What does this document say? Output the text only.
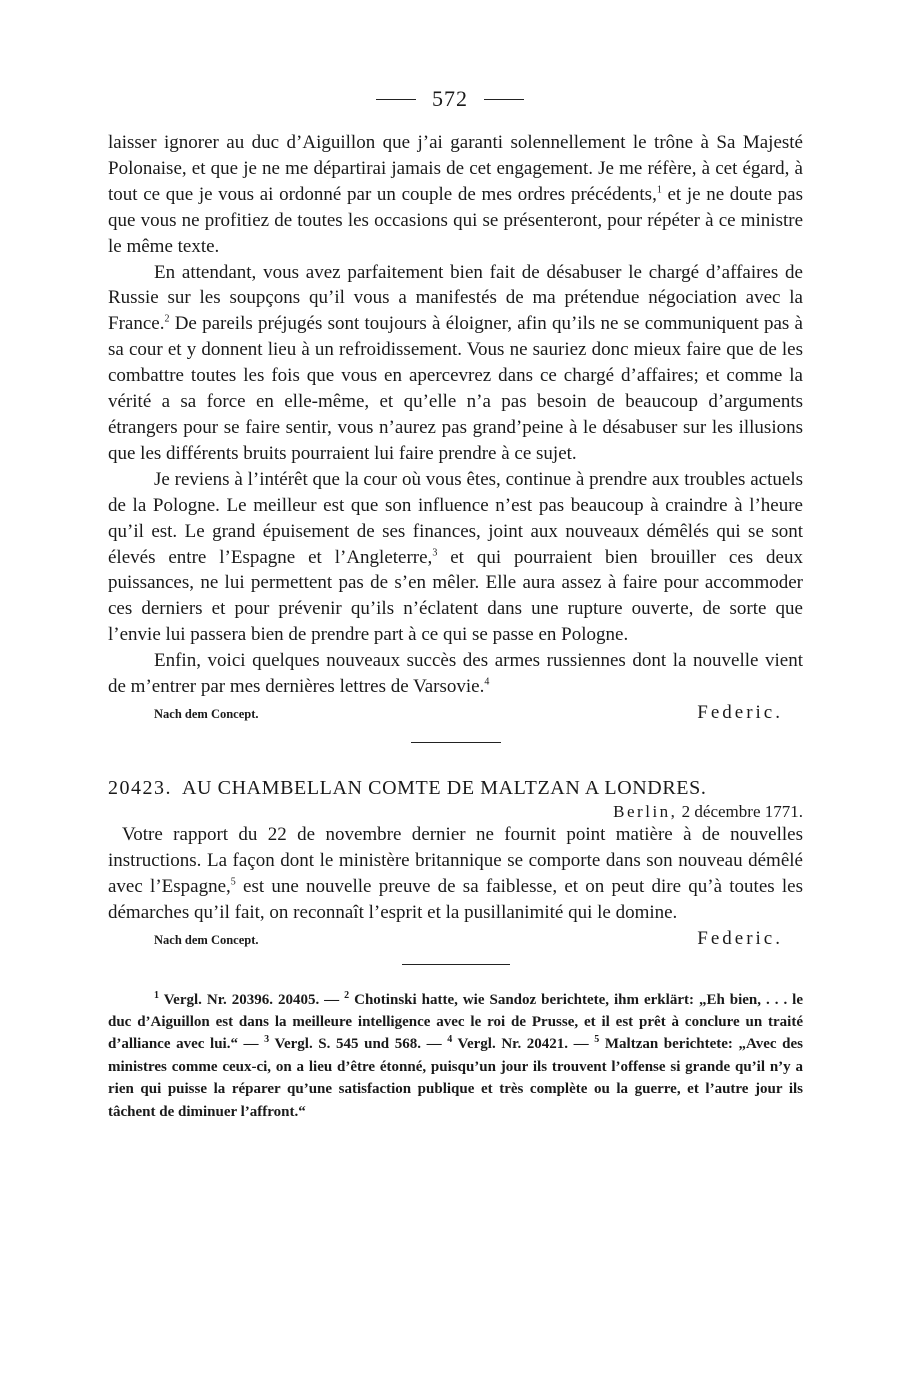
572

laisser ignorer au duc d’Aiguillon que j’ai garanti solennellement le trône à Sa Majesté Polonaise, et que je ne me départirai jamais de cet engagement. Je me réfère, à cet égard, à tout ce que je vous ai ordonné par un couple de mes ordres précédents,$^1$ et je ne doute pas que vous ne profitiez de toutes les occasions qui se présenteront, pour répéter à ce ministre le même texte.

En attendant, vous avez parfaitement bien fait de désabuser le chargé d’affaires de Russie sur les soupçons qu’il vous a manifestés de ma prétendue négociation avec la France.$^2$ De pareils préjugés sont toujours à éloigner, afin qu’ils ne se communiquent pas à sa cour et y donnent lieu à un refroidissement. Vous ne sauriez donc mieux faire que de les combattre toutes les fois que vous en apercevrez dans ce chargé d’affaires; et comme la vérité a sa force en elle-même, et qu’elle n’a pas besoin de beaucoup d’arguments étrangers pour se faire sentir, vous n’aurez pas grand’peine à le désabuser sur les illusions que les différents bruits pourraient lui faire prendre à ce sujet.

Je reviens à l’intérêt que la cour où vous êtes, continue à prendre aux troubles actuels de la Pologne. Le meilleur est que son influence n’est pas beaucoup à craindre à l’heure qu’il est. Le grand épuisement de ses finances, joint aux nouveaux démêlés qui se sont élevés entre l’Espagne et l’Angleterre,$^3$ et qui pourraient bien brouiller ces deux puissances, ne lui permettent pas de s’en mêler. Elle aura assez à faire pour accommoder ces derniers et pour prévenir qu’ils n’éclatent dans une rupture ouverte, de sorte que l’envie lui passera bien de prendre part à ce qui se passe en Pologne.

Enfin, voici quelques nouveaux succès des armes russiennes dont la nouvelle vient de m’entrer par mes dernières lettres de Varsovie.$^4$

Nach dem Concept.	Federic.

20423. AU CHAMBELLAN COMTE DE MALTZAN A LONDRES.

Berlin, 2 décembre 1771.

Votre rapport du 22 de novembre dernier ne fournit point matière à de nouvelles instructions. La façon dont le ministère britannique se comporte dans son nouveau démêlé avec l’Espagne,$^5$ est une nouvelle preuve de sa faiblesse, et on peut dire qu’à toutes les démarches qu’il fait, on reconnaît l’esprit et la pusillanimité qui le domine.

Nach dem Concept.	Federic.

$^1$ Vergl. Nr. 20396. 20405. — $^2$ Chotinski hatte, wie Sandoz berichtete, ihm erklärt: „Eh bien, . . . le duc d’Aiguillon est dans la meilleure intelligence avec le roi de Prusse, et il est prêt à conclure un traité d’alliance avec lui.“ — $^3$ Vergl. S. 545 und 568. — $^4$ Vergl. Nr. 20421. — $^5$ Maltzan berichtete: „Avec des ministres comme ceux-ci, on a lieu d’être étonné, puisqu’un jour ils trouvent l’offense si grande qu’il n’y a rien qui puisse la réparer qu’une satisfaction publique et très complète ou la guerre, et l’autre jour ils tâchent de diminuer l’affront.“
